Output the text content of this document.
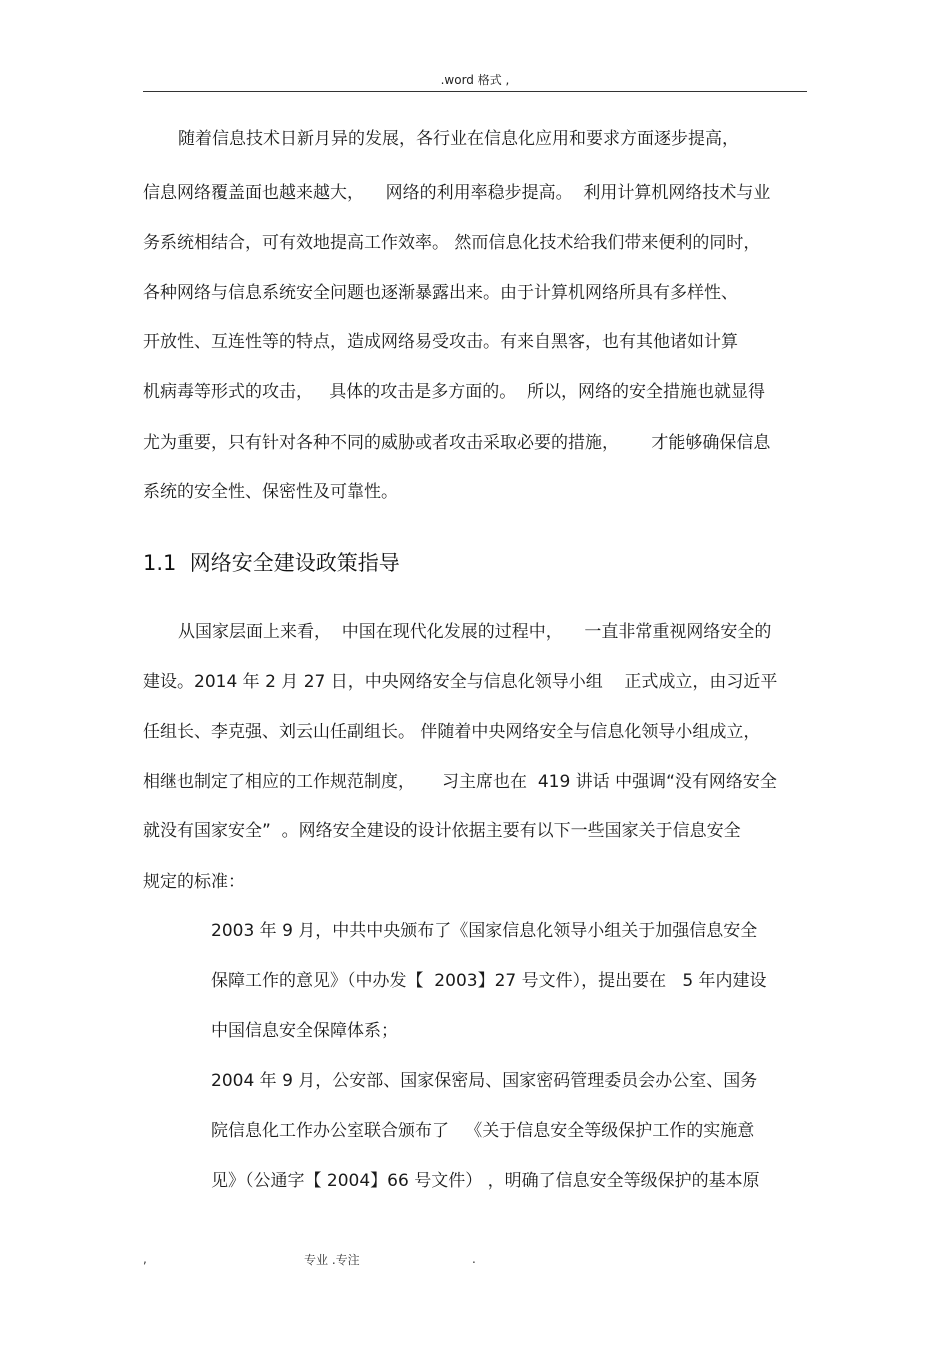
.word 格式 ,
随着信息技术日新月异的发展，各行业在信息化应用和要求方面逐步提高，
信息网络覆盖面也越来越大，    网络的利用率稳步提高。  利用计算机网络技术与业
务系统相结合，可有效地提高工作效率。 然而信息化技术给我们带来便利的同时，
各种网络与信息系统安全问题也逐渐暴露出来。由于计算机网络所具有多样性、
开放性、互连性等的特点，造成网络易受攻击。有来自黑客，也有其他诸如计算
机病毒等形式的攻击，   具体的攻击是多方面的。  所以，网络的安全措施也就显得
尤为重要，只有针对各种不同的威胁或者攻击采取必要的措施，      才能够确保信息
系统的安全性、保密性及可靠性。
1.1  网络安全建设政策指导
从国家层面上来看，  中国在现代化发展的过程中，    一直非常重视网络安全的
建设。2014 年 2 月 27 日，中央网络安全与信息化领导小组    正式成立，由习近平
任组长、李克强、刘云山任副组长。 伴随着中央网络安全与信息化领导小组成立，
相继也制定了相应的工作规范制度，     习主席也在  419 讲话 中强调“没有网络安全
就没有国家安全”  。网络安全建设的设计依据主要有以下一些国家关于信息安全
规定的标准：
2003 年 9 月，中共中央颁布了《国家信息化领导小组关于加强信息安全
保障工作的意见》（中办发【  2003】27 号文件），提出要在   5 年内建设
中国信息安全保障体系；
2004 年 9 月，公安部、国家保密局、国家密码管理委员会办公室、国务
院信息化工作办公室联合颁布了   《关于信息安全等级保护工作的实施意
见》（公通字【 2004】66 号文件） ，明确了信息安全等级保护的基本原
,	专业 .专注	.
